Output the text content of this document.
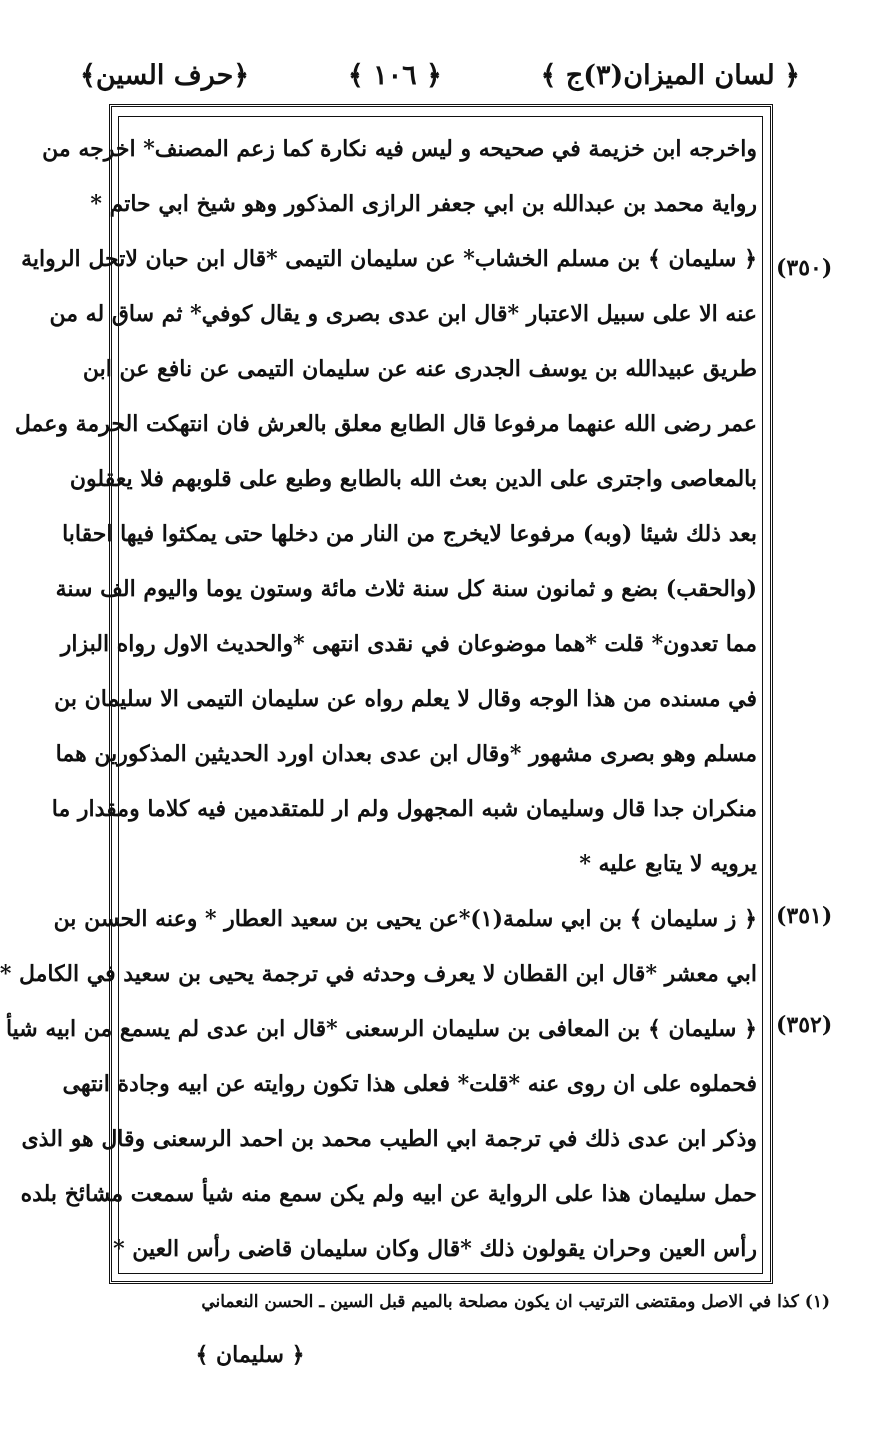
﴿ لسان الميزان(٣)ج ﴾
﴿ ١٠٦ ﴾
﴿حرف السين﴾
واخرجه ابن خزيمة في صحيحه و ليس فيه نكارة كما زعم المصنف* اخرجه من
رواية محمد بن عبدالله بن ابي جعفر الرازى المذكور وهو شيخ ابي حاتم *
﴿ سليمان ﴾ بن مسلم الخشاب* عن سليمان التيمى *قال ابن حبان لاتحل الرواية
عنه الا على سبيل الاعتبار *قال ابن عدى بصرى و يقال كوفي* ثم ساق له من
طريق عبيدالله بن يوسف الجدرى عنه عن سليمان التيمى عن نافع عن ابن
عمر رضى الله عنهما مرفوعا قال الطابع معلق بالعرش فان انتهكت الحرمة وعمل
بالمعاصى واجترى على الدين بعث الله بالطابع وطبع على قلوبهم فلا يعقلون
بعد ذلك شيئا (وبه) مرفوعا لايخرج من النار من دخلها حتى يمكثوا فيها احقابا
(والحقب) بضع و ثمانون سنة كل سنة ثلاث مائة وستون يوما واليوم الف سنة
مما تعدون* قلت *هما موضوعان في نقدى انتهى *والحديث الاول رواه البزار
في مسنده من هذا الوجه وقال لا يعلم رواه عن سليمان التيمى الا سليمان بن
مسلم وهو بصرى مشهور *وقال ابن عدى بعدان اورد الحديثين المذكورين هما
منكران جدا قال وسليمان شبه المجهول ولم ار للمتقدمين فيه كلاما ومقدار ما
يرويه لا يتابع عليه *
﴿ ز سليمان ﴾ بن ابي سلمة(١)*عن يحيى بن سعيد العطار * وعنه الحسن بن
ابي معشر *قال ابن القطان لا يعرف وحدثه في ترجمة يحيى بن سعيد في الكامل *
﴿ سليمان ﴾ بن المعافى بن سليمان الرسعنى *قال ابن عدى لم يسمع من ابيه شيأ
فحملوه على ان روى عنه *قلت* فعلى هذا تكون روايته عن ابيه وجادة انتهى
وذكر ابن عدى ذلك في ترجمة ابي الطيب محمد بن احمد الرسعنى وقال هو الذى
حمل سليمان هذا على الرواية عن ابيه ولم يكن سمع منه شيأ سمعت مشائخ بلده
رأس العين وحران يقولون ذلك *قال وكان سليمان قاضى رأس العين *
(٣٥٠)
(٣٥١)
(٣٥٢)
(١) كذا في الاصل ومقتضى الترتيب ان يكون مصلحة بالميم قبل السين ـ الحسن النعماني
﴿ سليمان ﴾
